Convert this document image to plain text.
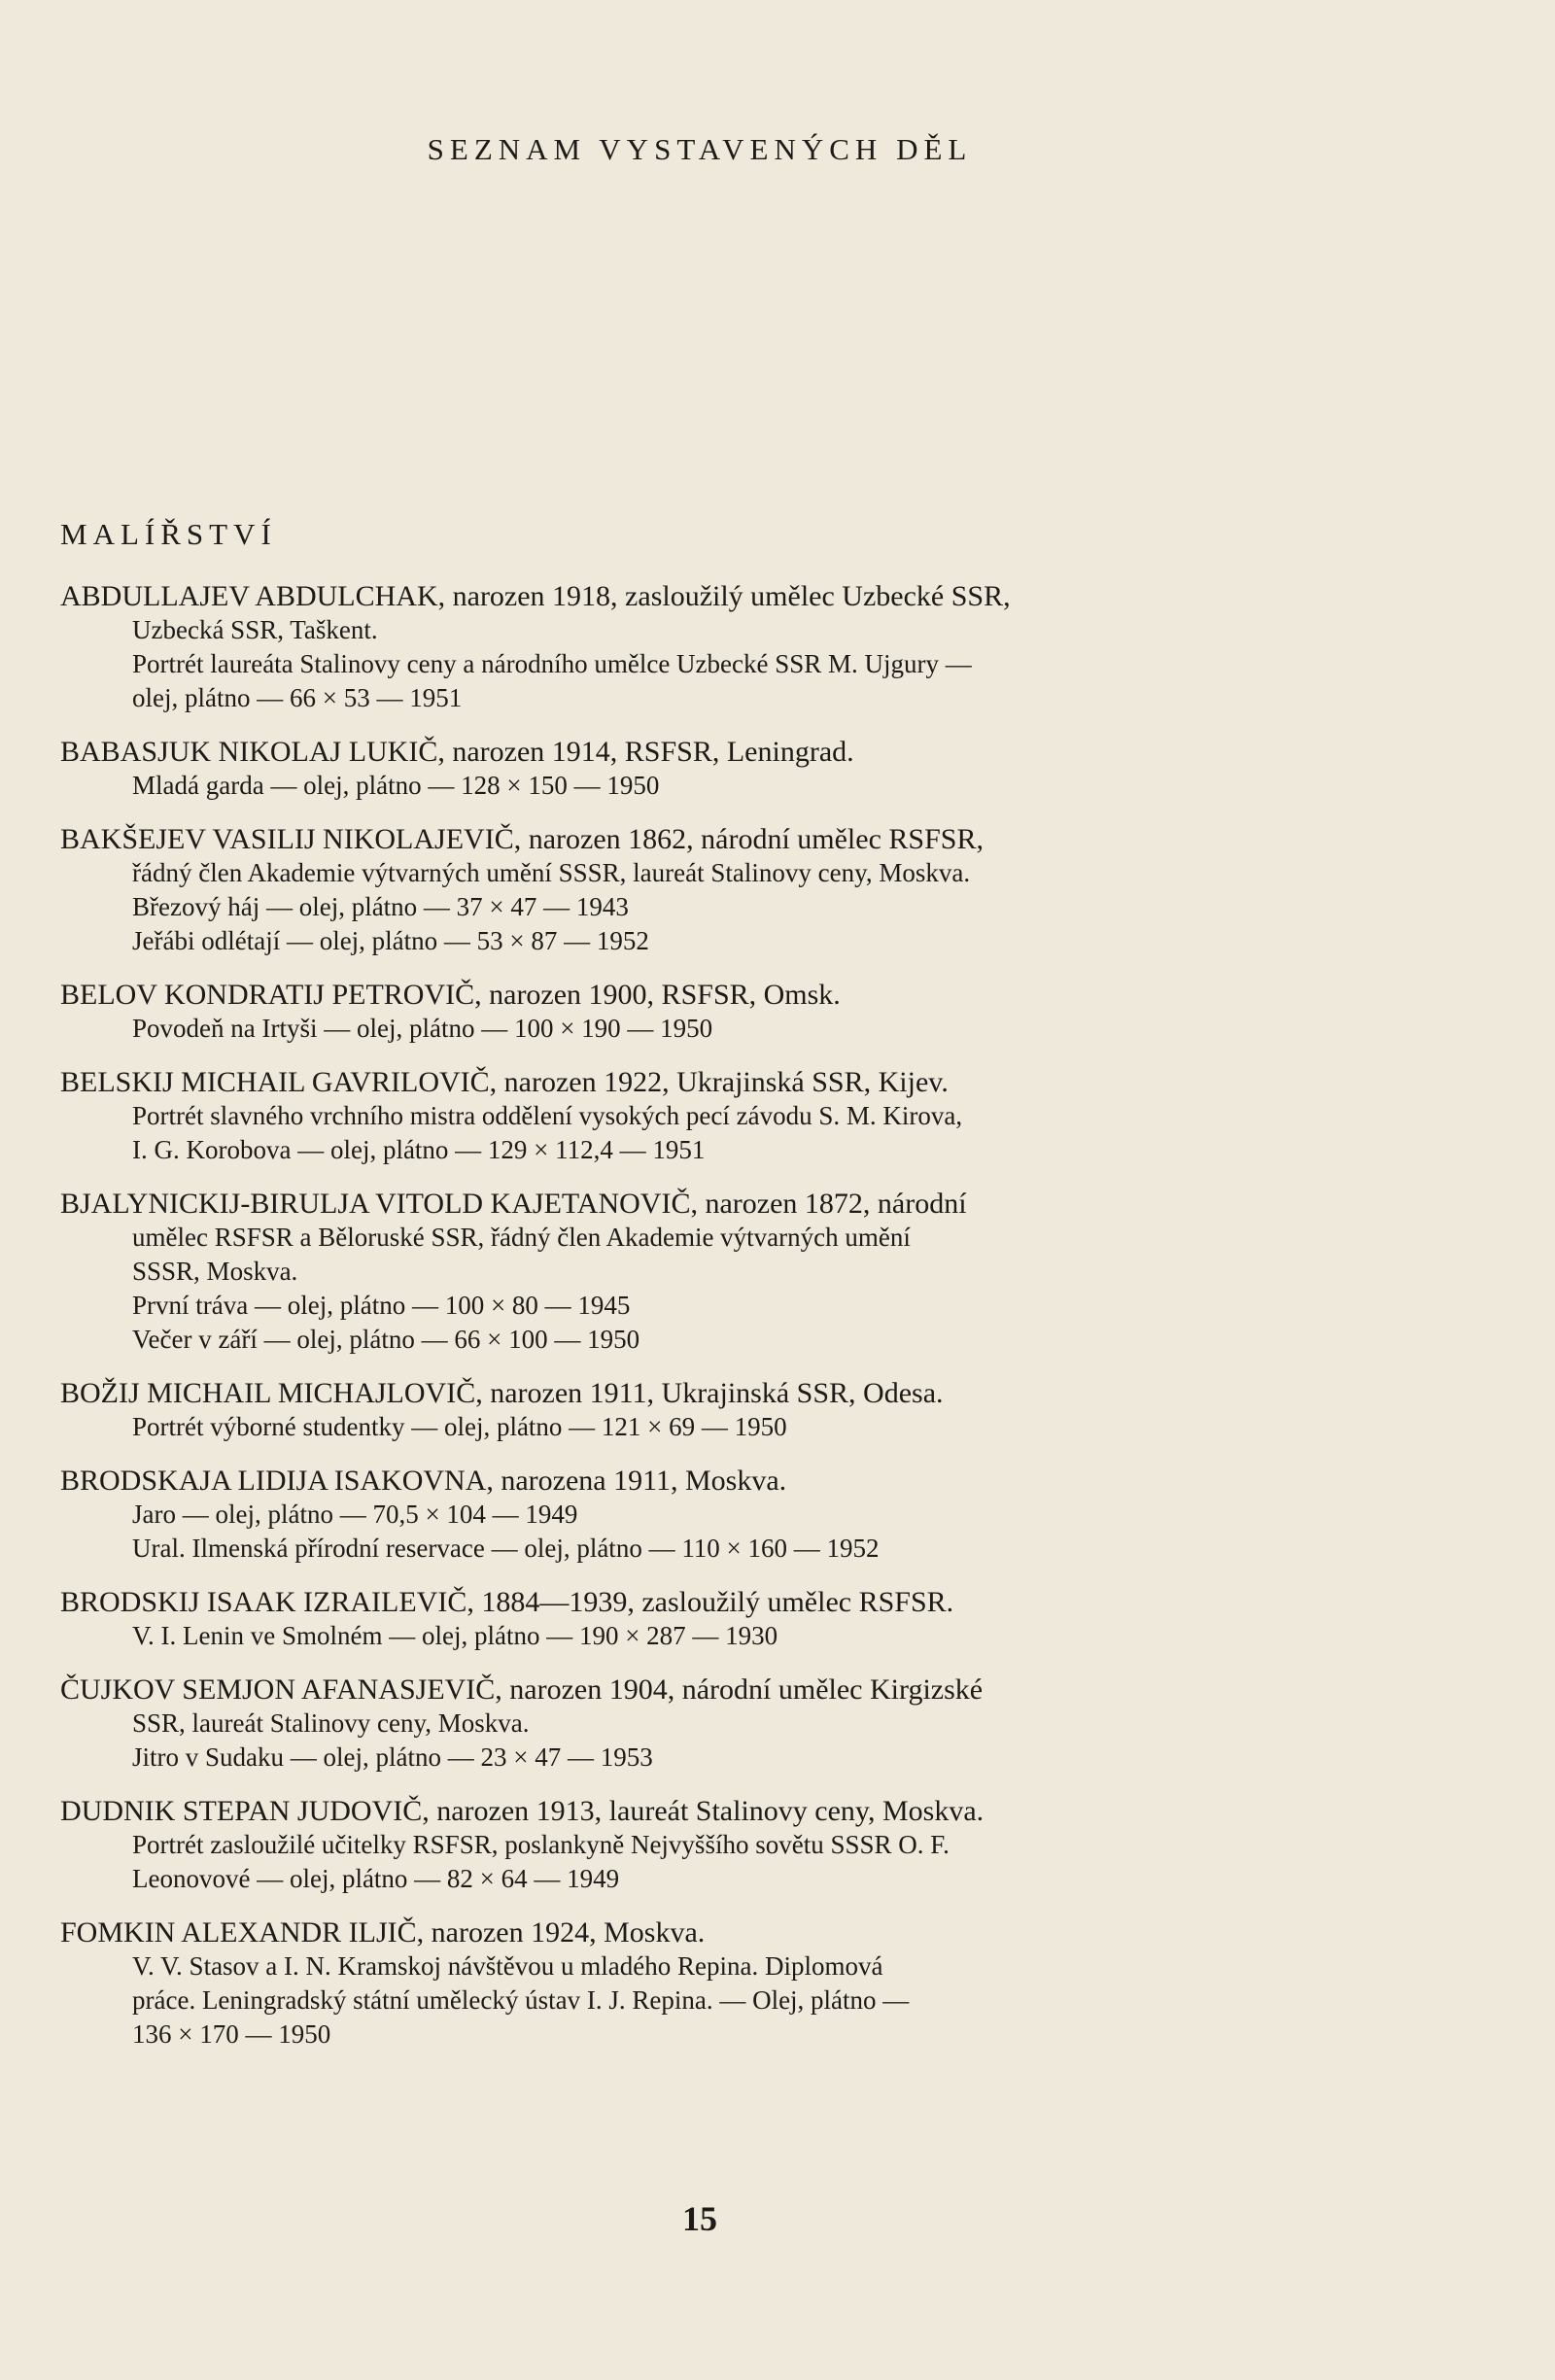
SEZNAM VYSTAVENÝCH DĚL
MALÍŘSTVÍ
ABDULLAJEV ABDULCHAK, narozen 1918, zasloužilý umělec Uzbecké SSR,
Uzbecká SSR, Taškent.
Portrét laureáta Stalinovy ceny a národního umělce Uzbecké SSR M. Ujgury —
olej, plátno — 66 × 53 — 1951
BABASJUK NIKOLAJ LUKIČ, narozen 1914, RSFSR, Leningrad.
Mladá garda — olej, plátno — 128 × 150 — 1950
BAKŠEJEV VASILIJ NIKOLAJEVIČ, narozen 1862, národní umělec RSFSR,
řádný člen Akademie výtvarných umění SSSR, laureát Stalinovy ceny, Moskva.
Březový háj — olej, plátno — 37 × 47 — 1943
Jeřábi odlétají — olej, plátno — 53 × 87 — 1952
BELOV KONDRATIJ PETROVIČ, narozen 1900, RSFSR, Omsk.
Povodeň na Irtyši — olej, plátno — 100 × 190 — 1950
BELSKIJ MICHAIL GAVRILOVIČ, narozen 1922, Ukrajinská SSR, Kijev.
Portrét slavného vrchního mistra oddělení vysokých pecí závodu S. M. Kirova,
I. G. Korobova — olej, plátno — 129 × 112,4 — 1951
BJALYNICKIJ-BIRULJA VITOLD KAJETANOVIČ, narozen 1872, národní
umělec RSFSR a Běloruské SSR, řádný člen Akademie výtvarných umění
SSSR, Moskva.
První tráva — olej, plátno — 100 × 80 — 1945
Večer v září — olej, plátno — 66 × 100 — 1950
BOŽIJ MICHAIL MICHAJLOVIČ, narozen 1911, Ukrajinská SSR, Odesa.
Portrét výborné studentky — olej, plátno — 121 × 69 — 1950
BRODSKAJA LIDIJA ISAKOVNA, narozena 1911, Moskva.
Jaro — olej, plátno — 70,5 × 104 — 1949
Ural. Ilmenská přírodní reservace — olej, plátno — 110 × 160 — 1952
BRODSKIJ ISAAK IZRAILEVIČ, 1884—1939, zasloužilý umělec RSFSR.
V. I. Lenin ve Smolném — olej, plátno — 190 × 287 — 1930
ČUJKOV SEMJON AFANASJEVIČ, narozen 1904, národní umělec Kirgizské
SSR, laureát Stalinovy ceny, Moskva.
Jitro v Sudaku — olej, plátno — 23 × 47 — 1953
DUDNIK STEPAN JUDOVIČ, narozen 1913, laureát Stalinovy ceny, Moskva.
Portrét zasloužilé učitelky RSFSR, poslankyně Nejvyššího sovětu SSSR O. F.
Leonovové — olej, plátno — 82 × 64 — 1949
FOMKIN ALEXANDR ILJIČ, narozen 1924, Moskva.
V. V. Stasov a I. N. Kramskoj návštěvou u mladého Repina. Diplomová
práce. Leningradský státní umělecký ústav I. J. Repina. — Olej, plátno —
136 × 170 — 1950
15
